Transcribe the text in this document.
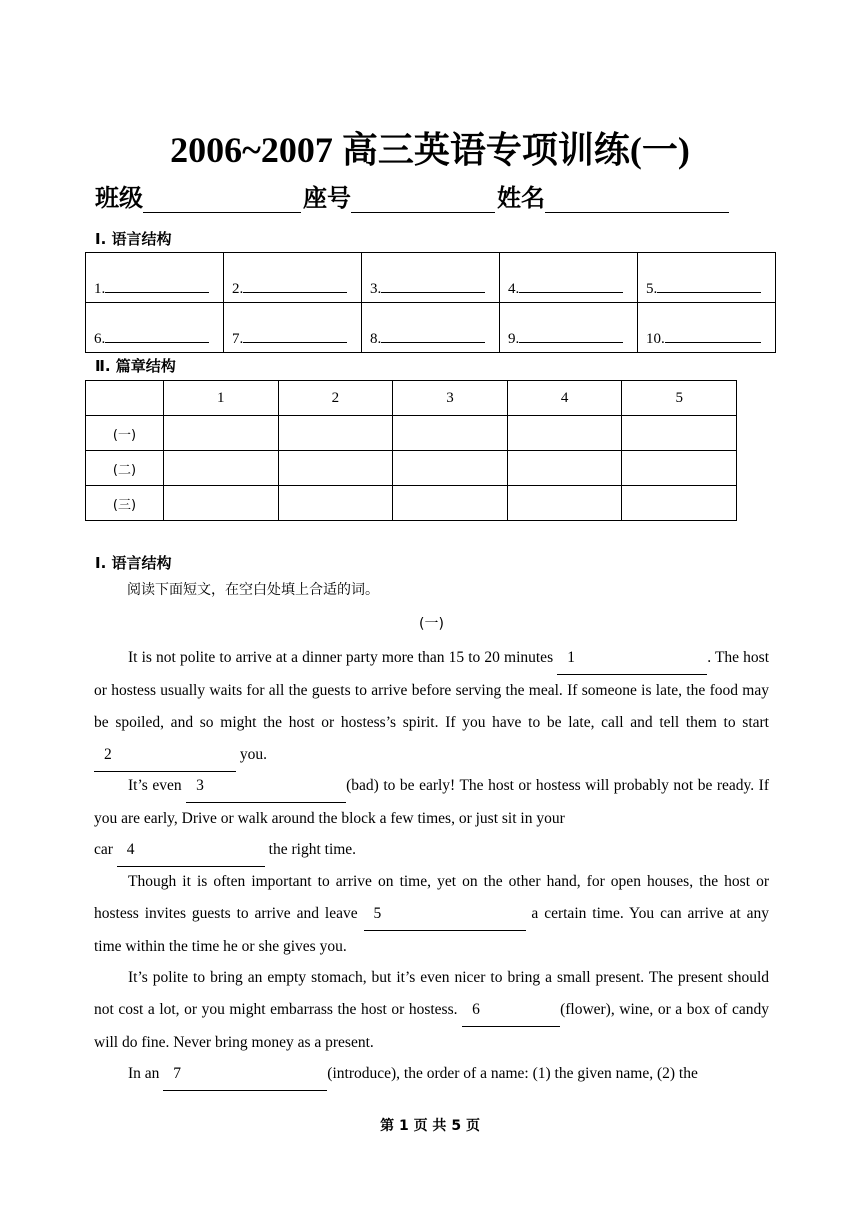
2006~2007 高三英语专项训练(一)
班级	座号	姓名
Ⅰ. 语言结构
1.	2.	3.	4.	5.
6.	7.	8.	9.	10.
Ⅱ. 篇章结构
	1	2	3	4	5
(一)					
(二)					
(三)					
Ⅰ. 语言结构
阅读下面短文，在空白处填上合适的词。
(一)
It is not polite to arrive at a dinner party more than 15 to 20 minutes 1	. The host or hostess usually waits for all the guests to arrive before serving the meal. If someone is late, the food may be spoiled, and so might the host or hostess’s spirit. If you have to be late, call and tell them to start 2	you.
It’s even 3	(bad) to be early! The host or hostess will probably not be ready. If you are early, Drive or walk around the block a few times, or just sit in your
car 4	the right time.
Though it is often important to arrive on time, yet on the other hand, for open houses, the host or hostess invites guests to arrive and leave 5	a certain time. You can arrive at any time within the time he or she gives you.
It’s polite to bring an empty stomach, but it’s even nicer to bring a small present. The present should not cost a lot, or you might embarrass the host or hostess. 6	(flower), wine, or a box of candy will do fine. Never bring money as a present.
In an 7	(introduce), the order of a name: (1) the given name, (2) the
第 1 页 共 5 页
